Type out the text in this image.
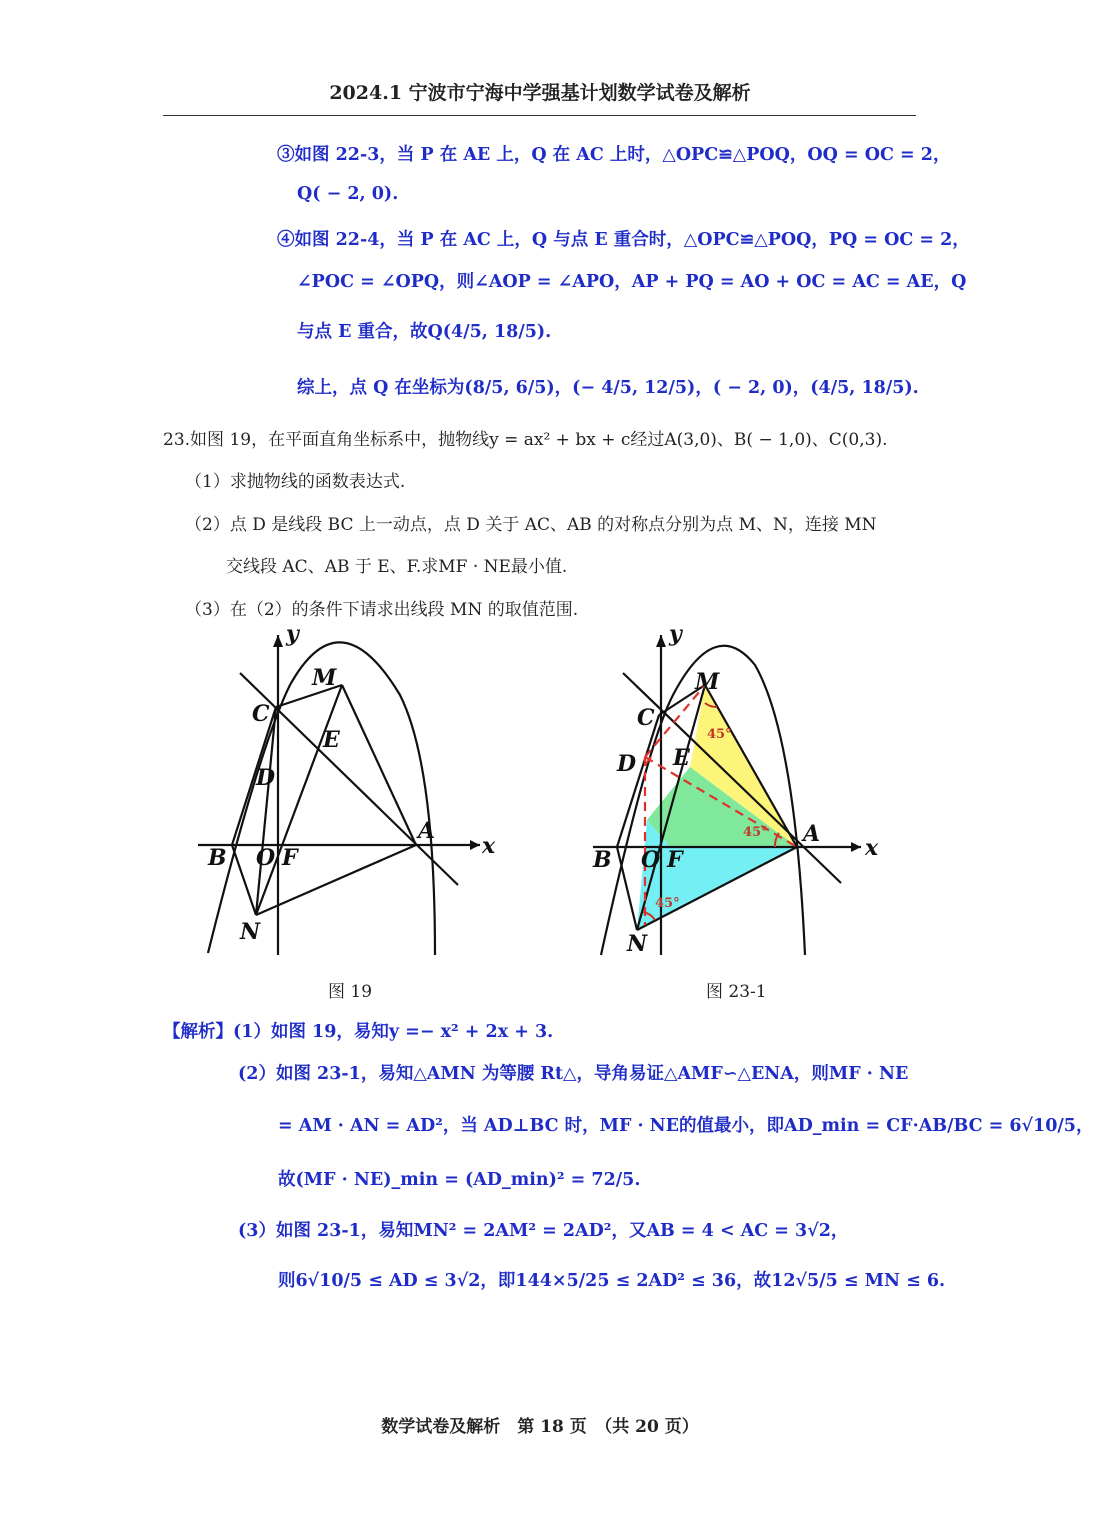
2024.1 宁波市宁海中学强基计划数学试卷及解析
③如图 22-3，当 P 在 AE 上，Q 在 AC 上时，△OPC≌△POQ，OQ = OC = 2，
Q( − 2, 0).
④如图 22-4，当 P 在 AC 上，Q 与点 E 重合时，△OPC≌△POQ，PQ = OC = 2，
∠POC = ∠OPQ，则∠AOP = ∠APO，AP + PQ = AO + OC = AC = AE，Q
与点 E 重合，故Q(4/5, 18/5).
综上，点 Q 在坐标为(8/5, 6/5)，(− 4/5, 12/5)，( − 2, 0)，(4/5, 18/5).
23.如图 19，在平面直角坐标系中，抛物线y = ax² + bx + c经过A(3,0)、B( − 1,0)、C(0,3).
（1）求抛物线的函数表达式.
（2）点 D 是线段 BC 上一动点，点 D 关于 AC、AB 的对称点分别为点 M、N，连接 MN
交线段 AC、AB 于 E、F.求MF · NE最小值.
（3）在（2）的条件下请求出线段 MN 的取值范围.
y
x
M
C
E
D
A
B O F
N
图 19
45°
45°
45°
y
x
M
C
E
D
A
B O F
N
图 23-1
【解析】(1）如图 19，易知y =− x² + 2x + 3.
(2）如图 23-1，易知△AMN 为等腰 Rt△，导角易证△AMF∽△ENA，则MF · NE
= AM · AN = AD²，当 AD⊥BC 时，MF · NE的值最小，即AD_min = CF·AB/BC = 6√10/5，
故(MF · NE)_min = (AD_min)² = 72/5.
(3）如图 23-1，易知MN² = 2AM² = 2AD²，又AB = 4 < AC = 3√2，
则6√10/5 ≤ AD ≤ 3√2，即144×5/25 ≤ 2AD² ≤ 36，故12√5/5 ≤ MN ≤ 6.
数学试卷及解析　第 18 页　（共 20 页）
